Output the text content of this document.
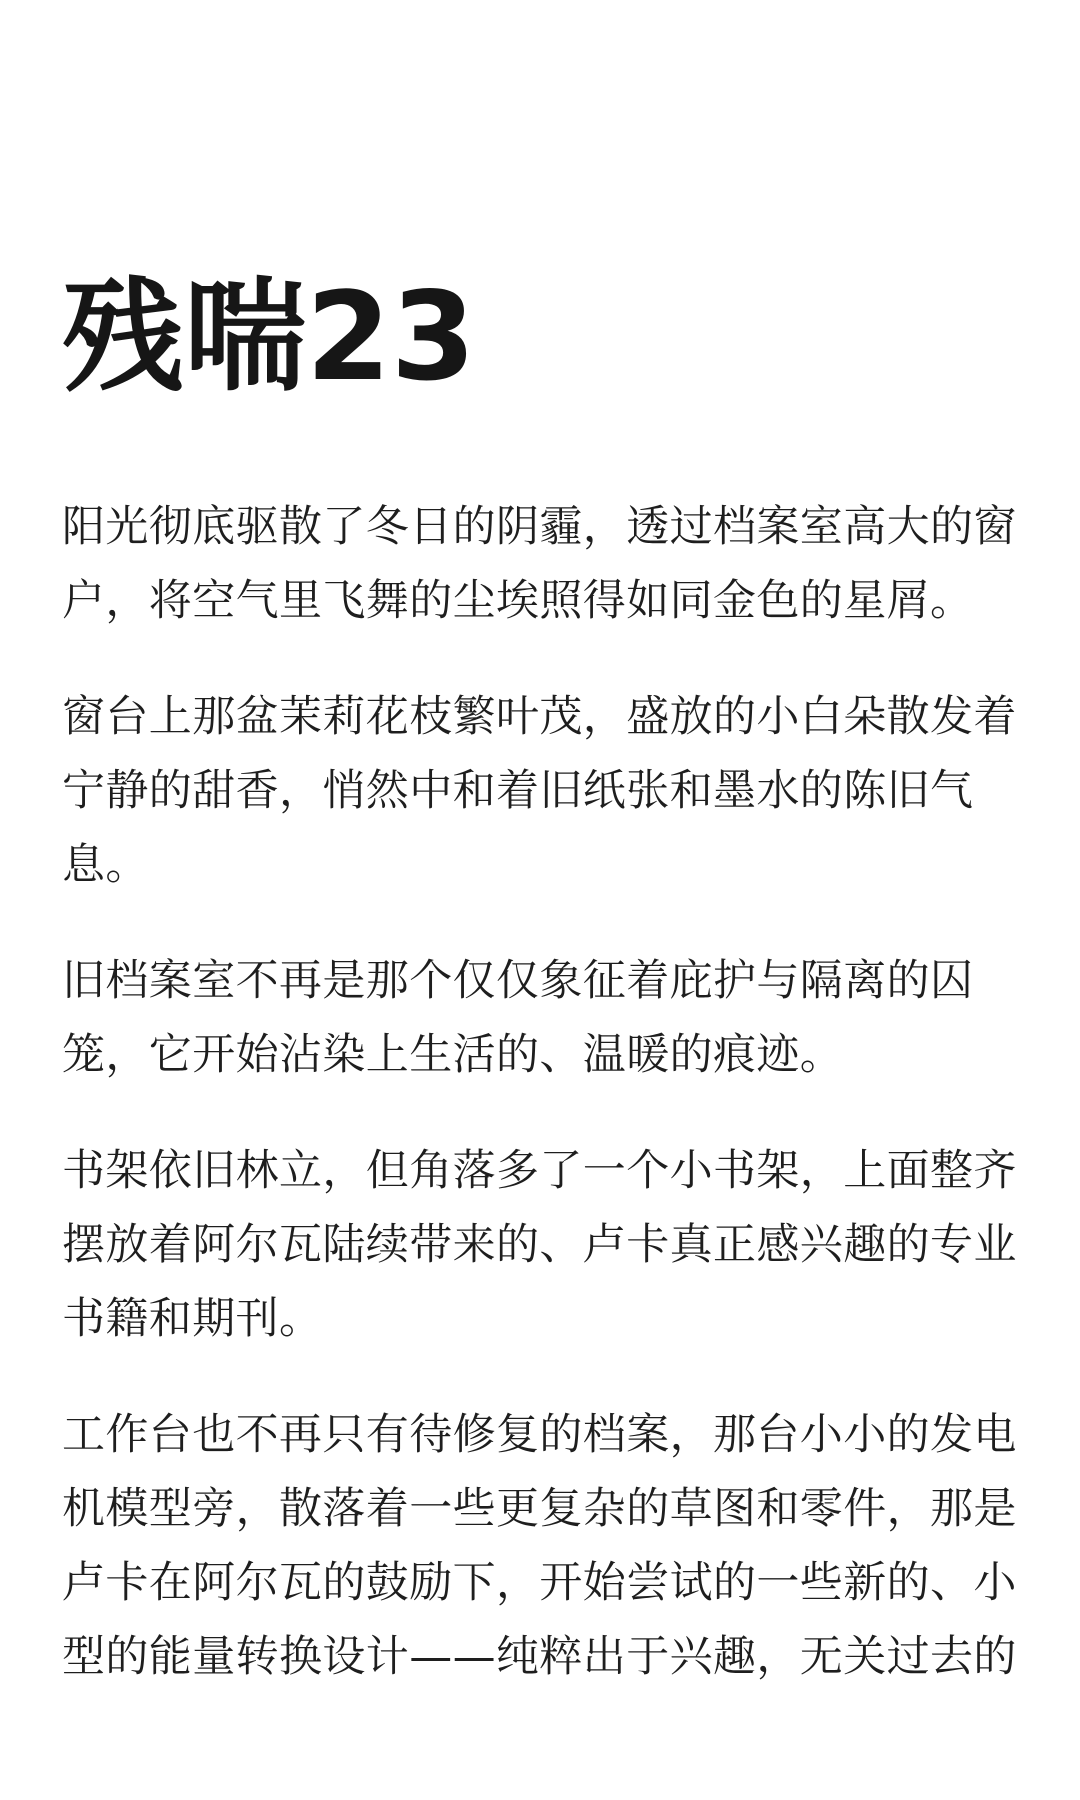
残喘23

阳光彻底驱散了冬日的阴霾，透过档案室高大的窗户，将空气里飞舞的尘埃照得如同金色的星屑。

窗台上那盆茉莉花枝繁叶茂，盛放的小白朵散发着宁静的甜香，悄然中和着旧纸张和墨水的陈旧气息。

旧档案室不再是那个仅仅象征着庇护与隔离的囚笼，它开始沾染上生活的、温暖的痕迹。

书架依旧林立，但角落多了一个小书架，上面整齐摆放着阿尔瓦陆续带来的、卢卡真正感兴趣的专业书籍和期刊。

工作台也不再只有待修复的档案，那台小小的发电机模型旁，散落着一些更复杂的草图和零件，那是卢卡在阿尔瓦的鼓励下，开始尝试的一些新的、小型的能量转换设计——纯粹出于兴趣，无关过去的
